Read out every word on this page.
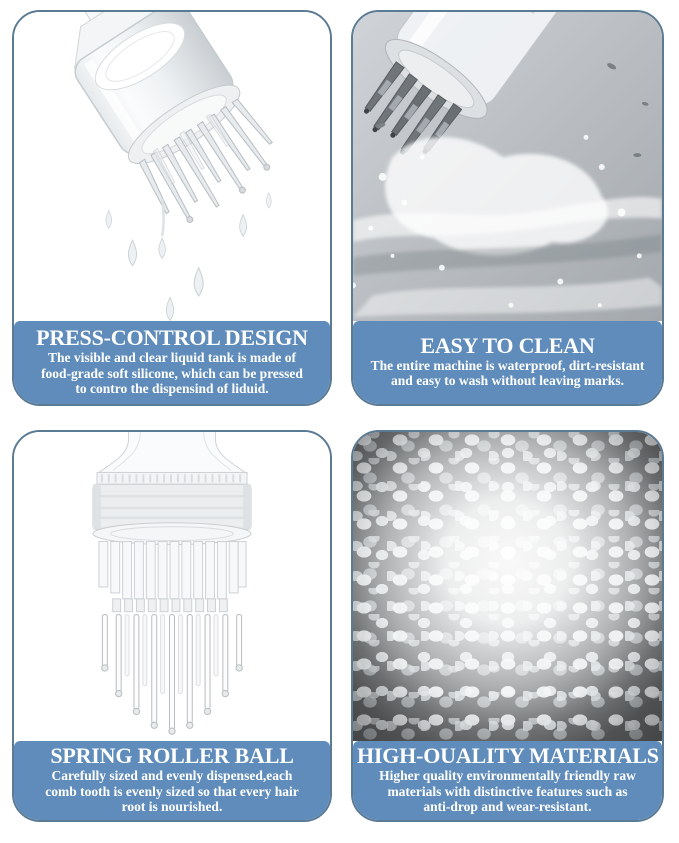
PRESS-CONTROL DESIGN

The visible and clear liquid tank is made of

food-grade soft silicone, which can be pressed

to contro the dispensind of liduid.

EASY TO CLEAN

The entire machine is waterproof, dirt-resistant

and easy to wash without leaving marks.

SPRING ROLLER BALL

Carefully sized and evenly dispensed,each

comb tooth is evenly sized so that every hair

root is nourished.

HIGH-OUALITY MATERIALS

Higher quality environmentally friendly raw

materials with distinctive features such as

anti-drop and wear-resistant.
